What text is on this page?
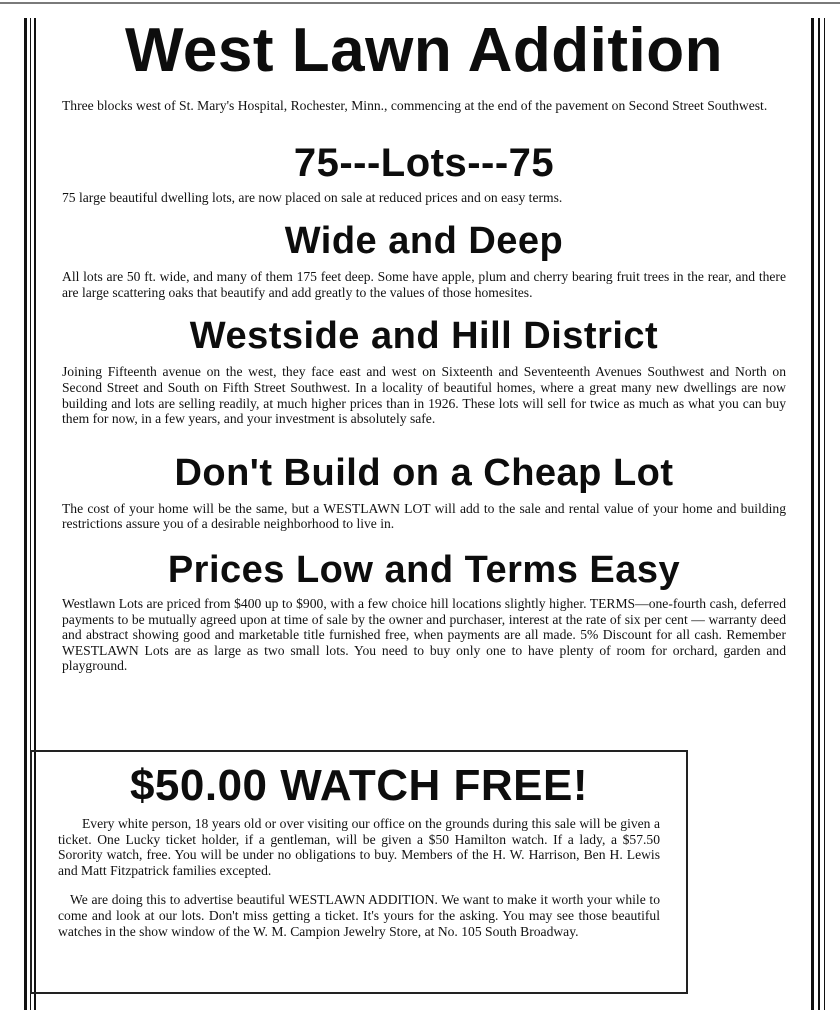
West Lawn Addition

Three blocks west of St. Mary's Hospital, Rochester, Minn., commencing at the end of the pavement on Second Street Southwest.

75---Lots---75

75 large beautiful dwelling lots, are now placed on sale at reduced prices and on easy terms.

Wide and Deep

All lots are 50 ft. wide, and many of them 175 feet deep. Some have apple, plum and cherry bearing fruit trees in the rear, and there are large scattering oaks that beautify and add greatly to the values of those homesites.

Westside and Hill District

Joining Fifteenth avenue on the west, they face east and west on Sixteenth and Seventeenth Avenues Southwest and North on Second Street and South on Fifth Street Southwest. In a locality of beautiful homes, where a great many new dwellings are now building and lots are selling readily, at much higher prices than in 1926. These lots will sell for twice as much as what you can buy them for now, in a few years, and your investment is absolutely safe.

Don't Build on a Cheap Lot

The cost of your home will be the same, but a WESTLAWN LOT will add to the sale and rental value of your home and building restrictions assure you of a desirable neighborhood to live in.

Prices Low and Terms Easy

Westlawn Lots are priced from $400 up to $900, with a few choice hill locations slightly higher. TERMS—one-fourth cash, deferred payments to be mutually agreed upon at time of sale by the owner and purchaser, interest at the rate of six per cent — warranty deed and abstract showing good and marketable title furnished free, when payments are all made. 5% Discount for all cash. Remember WESTLAWN Lots are as large as two small lots. You need to buy only one to have plenty of room for orchard, garden and playground.

$50.00 WATCH FREE!

Every white person, 18 years old or over visiting our office on the grounds during this sale will be given a ticket. One Lucky ticket holder, if a gentleman, will be given a $50 Hamilton watch. If a lady, a $57.50 Sorority watch, free. You will be under no obligations to buy. Members of the H. W. Harrison, Ben H. Lewis and Matt Fitzpatrick families excepted.

We are doing this to advertise beautiful WESTLAWN ADDITION. We want to make it worth your while to come and look at our lots. Don't miss getting a ticket. It's yours for the asking. You may see those beautiful watches in the show window of the W. M. Campion Jewelry Store, at No. 105 South Broadway.
